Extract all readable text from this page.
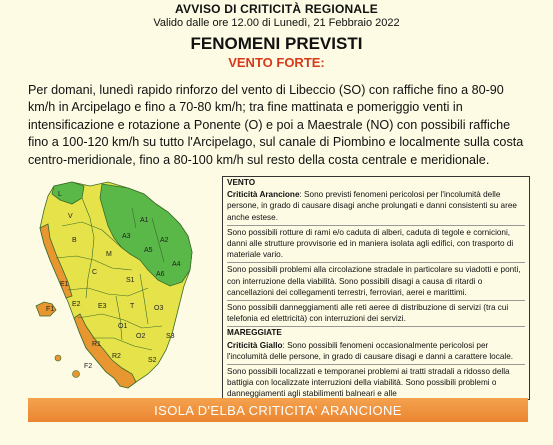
AVVISO DI CRITICITÀ REGIONALE
Valido dalle ore 12.00 di Lunedì, 21 Febbraio 2022
FENOMENI PREVISTI
VENTO FORTE:

Per domani, lunedì rapido rinforzo del vento di Libeccio (SO) con raffiche fino a 80-90 km/h in Arcipelago e fino a 70-80 km/h; tra fine mattinata e pomeriggio venti in intensificazione e rotazione a Ponente (O) e poi a Maestrale (NO) con possibili raffiche fino a 100-120 km/h su tutto l'Arcipelago, sul canale di Piombino e localmente sulla costa centro-meridionale, fino a 80-100 km/h sul resto della costa centrale e meridionale.

A1
A2
A3
A4
A5
A6
B
C
E1
E2 E3
F1
F2
L
M
O1
O2
O3
R1
R2
S1
S2
S3
T
V
VENTO
Criticità Arancione: Sono previsti fenomeni pericolosi per l'incolumità delle persone, in grado di causare disagi anche prolungati e danni consistenti su aree anche estese.
Sono possibili rotture di rami e/o caduta di alberi, caduta di tegole e cornicioni, danni alle strutture provvisorie ed in maniera isolata agli edifici, con trasporto di materiale vario.
Sono possibili problemi alla circolazione stradale in particolare su viadotti e ponti, con interruzione della viabilità. Sono possibili disagi a causa di ritardi o cancellazioni dei collegamenti terrestri, ferroviari, aerei e marittimi.
Sono possibili danneggiamenti alle reti aeree di distribuzione di servizi (tra cui telefonia ed elettricità) con interruzioni dei servizi.
MAREGGIATE
Criticità Giallo: Sono possibili fenomeni occasionalmente pericolosi per l'incolumità delle persone, in grado di causare disagi e danni a carattere locale.
Sono possibili localizzati e temporanei problemi ai tratti stradali a ridosso della battigia con localizzate interruzioni della viabilità. Sono possibili problemi o danneggiamenti agli stabilimenti balneari e alle
ISOLA D'ELBA CRITICITA' ARANCIONE
